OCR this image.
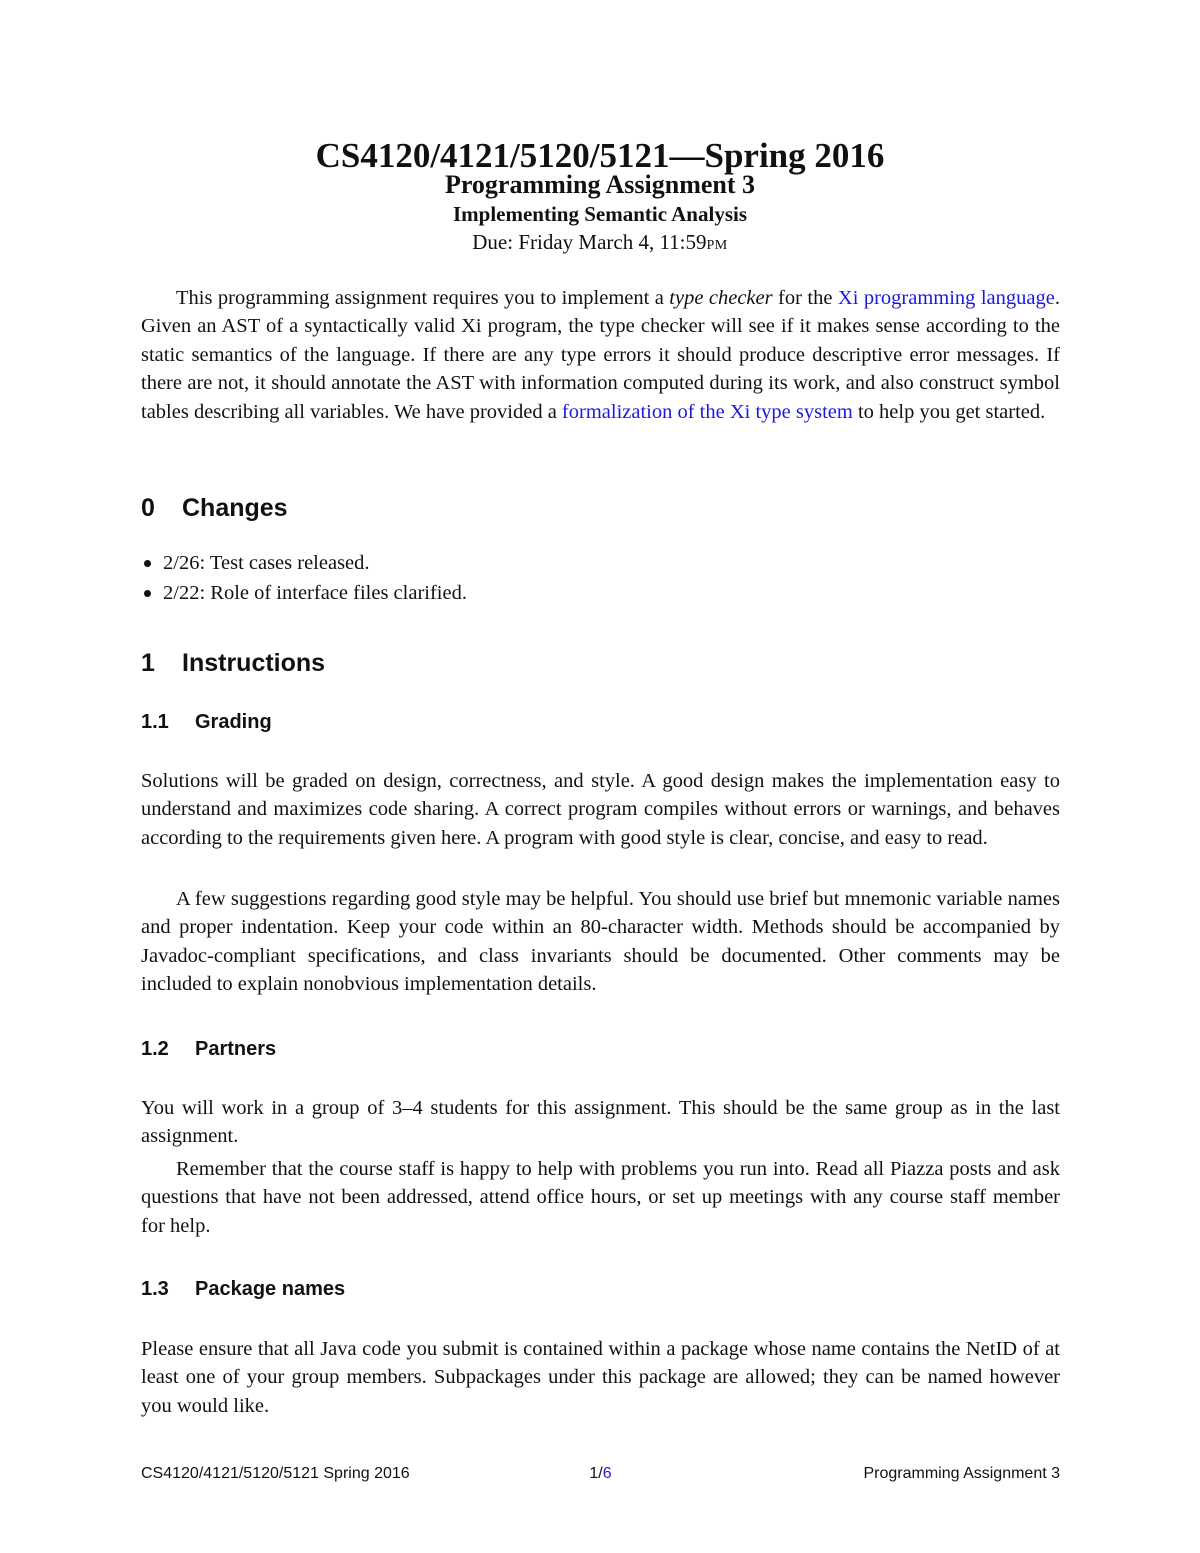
CS4120/4121/5120/5121—Spring 2016
Programming Assignment 3
Implementing Semantic Analysis
Due: Friday March 4, 11:59PM
This programming assignment requires you to implement a type checker for the Xi programming language. Given an AST of a syntactically valid Xi program, the type checker will see if it makes sense according to the static semantics of the language. If there are any type errors it should produce descriptive error messages. If there are not, it should annotate the AST with information computed during its work, and also construct symbol tables describing all variables. We have provided a formalization of the Xi type system to help you get started.
0 Changes
2/26: Test cases released.
2/22: Role of interface files clarified.
1 Instructions
1.1 Grading
Solutions will be graded on design, correctness, and style. A good design makes the implementation easy to understand and maximizes code sharing. A correct program compiles without errors or warnings, and behaves according to the requirements given here. A program with good style is clear, concise, and easy to read.
A few suggestions regarding good style may be helpful. You should use brief but mnemonic variable names and proper indentation. Keep your code within an 80-character width. Methods should be accompanied by Javadoc-compliant specifications, and class invariants should be documented. Other comments may be included to explain nonobvious implementation details.
1.2 Partners
You will work in a group of 3–4 students for this assignment. This should be the same group as in the last assignment.
Remember that the course staff is happy to help with problems you run into. Read all Piazza posts and ask questions that have not been addressed, attend office hours, or set up meetings with any course staff member for help.
1.3 Package names
Please ensure that all Java code you submit is contained within a package whose name contains the NetID of at least one of your group members. Subpackages under this package are allowed; they can be named however you would like.
CS4120/4121/5120/5121 Spring 2016	1/6	Programming Assignment 3
